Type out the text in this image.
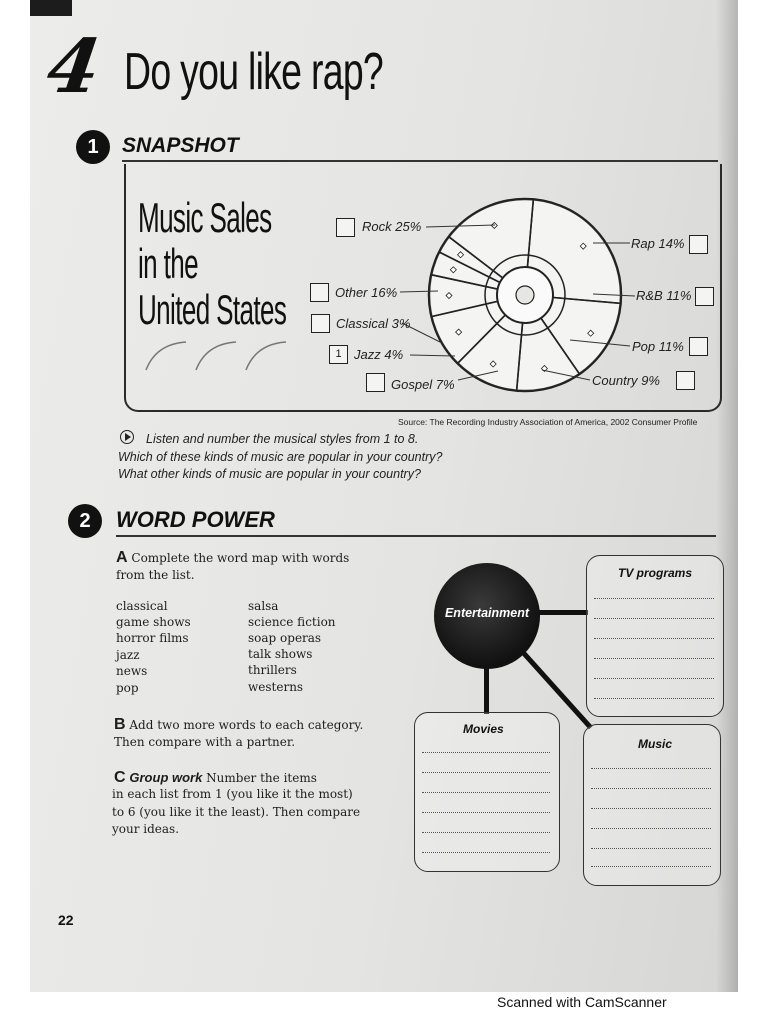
4 Do you like rap?
1	SNAPSHOT
Music Sales
in the
United States
Rock 25%
Other 16%
Classical 3%
1 Jazz 4%
Gospel 7%
Rap 14%
R&B 11%
Pop 11%
Country 9%
Source: The Recording Industry Association of America, 2002 Consumer Profile
Listen and number the musical styles from 1 to 8.
Which of these kinds of music are popular in your country?
What other kinds of music are popular in your country?
2	WORD POWER
A Complete the word map with words
from the list.
classical
game shows
horror films
jazz
news
pop
salsa
science fiction
soap operas
talk shows
thrillers
westerns
B Add two more words to each category.
Then compare with a partner.
C Group work Number the items
in each list from 1 (you like it the most)
to 6 (you like it the least). Then compare
your ideas.
Entertainment
TV programs
Movies
Music
22
Scanned with CamScanner
